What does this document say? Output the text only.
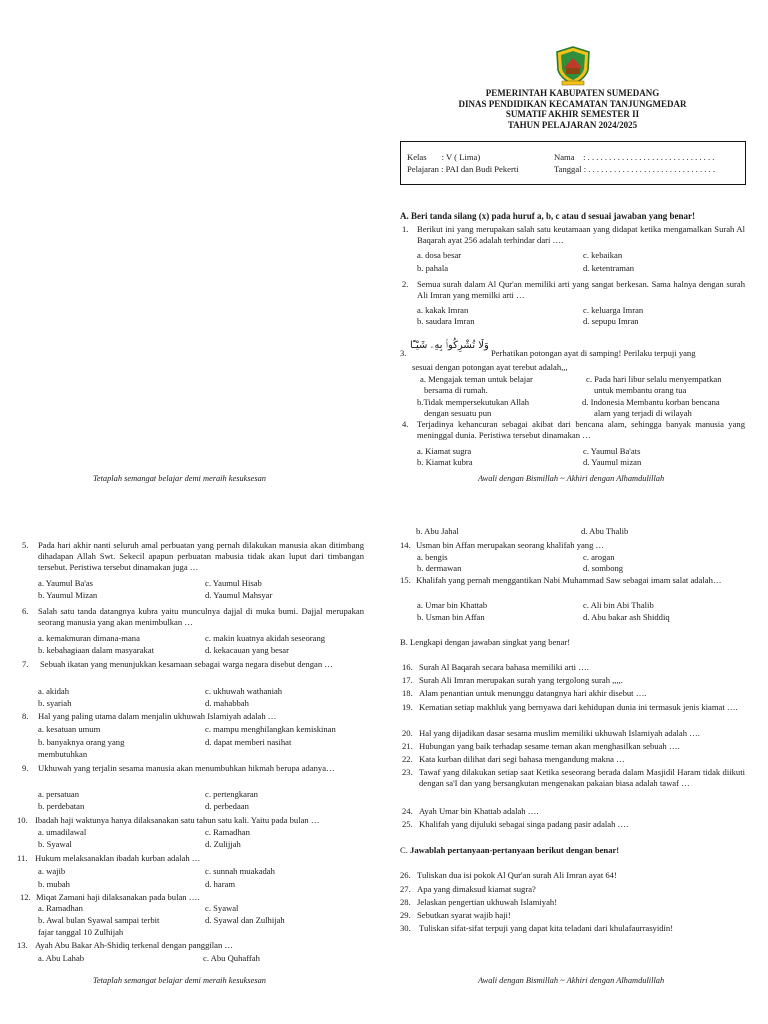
PEMERINTAH KABUPATEN SUMEDANG
DINAS PENDIDIKAN KECAMATAN TANJUNGMEDAR
SUMATIF AKHIR SEMESTER II
TAHUN PELAJARAN 2024/2025
Kelas       : V ( Lima)
Pelajaran : PAI dan Budi Pekerti
Nama    : . . . . . . . . . . . . . . . . . . . . . . . . . . . . . .
Tanggal : . . . . . . . . . . . . . . . . . . . . . . . . . . . . . .
A. Beri tanda silang (x) pada huruf a, b, c atau d sesuai jawaban yang benar!
1. Berikut ini yang merupakan salah satu keutamaan yang didapat ketika mengamalkan Surah Al Baqarah ayat 256 adalah terhindar dari ….
a. dosa besar
b. pahala
c. kebaikan
d. ketentraman
2. Semua surah dalam Al Qur'an memiliki arti yang sangat berkesan. Sama halnya dengan surah Ali Imran yang memilki arti …
a. kakak Imran
b. saudara Imran
c. keluarga Imran
d. sepupu Imran
3.
وَلَا تُشْرِكُوا۟ بِهِۦ شَيْـًٔا
Perhatikan potongan ayat di samping! Perilaku terpuji yang
sesuai dengan potongan ayat terebut adalah,,,
a. Mengajak teman untuk belajar
bersama di rumah.
b.Tidak mempersekutukan Allah
dengan sesuatu pun
c. Pada hari libur selalu menyempatkan
untuk membantu orang tua
d. Indonesia Membantu korban bencana
alam yang terjadi di wilayah
4. Terjadinya kehancuran sebagai akibat dari bencana alam, sehingga banyak manusia yang meninggal dunia. Peristiwa tersebut dinamakan …
a. Kiamat sugra
b. Kiamat kubra
c. Yaumul Ba'ats
d. Yaumul mizan
Tetaplah semangat belajar demi meraih kesuksesan	Awali dengan Bismillah ~ Akhiri dengan Alhamdulillah
5. Pada hari akhir nanti seluruh amal perbuatan yang pernah dilakukan manusia akan ditimbang dihadapan Allah Swt. Sekecil apapun perbuatan mabusia tidak akan luput dari timbangan tersebut. Peristiwa tersebut dinamakan juga …
a. Yaumul Ba'as
b. Yaumul Mizan
c. Yaumul Hisab
d. Yaumul Mahsyar
6. Salah satu tanda datangnya kubra yaitu munculnya dajjal di muka bumi. Dajjal merupakan seorang manusia yang akan menimbulkan …
a. kemakmuran dimana-mana
b. kebahagiaan dalam masyarakat
c. makin kuatnya akidah seseorang
d. kekacauan yang besar
7. Sebuah ikatan yang menunjukkan kesamaan sebagai warga negara disebut dengan …
a. akidah
b. syariah
c. ukhuwah wathaniah
d. mahabbah
8. Hal yang paling utama dalam menjalin ukhuwah Islamiyah adalah …
a. kesatuan umum
b. banyaknya orang yang
membutuhkan
c. mampu menghilangkan kemiskinan
d. dapat memberi nasihat
9. Ukhuwah yang terjalin sesama manusia akan menumbuhkan hikmah berupa adanya…
a. persatuan
b. perdebatan
c. pertengkaran
d. perbedaan
10. Ibadah haji waktunya hanya dilaksanakan satu tahun satu kali. Yaitu pada bulan …
a. umadilawal
b. Syawal
c. Ramadhan
d. Zulijjah
11. Hukum melaksanaklan ibadah kurban adalah …
a. wajib
b. mubah
c. sunnah muakadah
d. haram
12. Miqat Zamani haji dilaksanakan pada bulan ….
a. Ramadhan
b. Awal bulan Syawal sampai terbit
fajar tanggal 10 Zulhijah
c. Syawal
d. Syawal dan Zulhijah
13. Ayah Abu Bakar Ah-Shidiq terkenal dengan panggilan …
a. Abu Lahab	c. Abu Quhaffah
Tetaplah semangat belajar demi meraih kesuksesan
b. Abu Jahal	d. Abu Thalib
14. Usman bin Affan merupakan seorang khalifah yang …
a. bengis
b. dermawan
c. arogan
d. sombong
15. Khalifah yang pernah menggantikan Nabi Muhammad Saw sebagai imam salat adalah…
a. Umar bin Khattab
b. Usman bin Affan
c. Ali bin Abi Thalib
d. Abu bakar ash Shiddiq
B. Lengkapi dengan jawaban singkat yang benar!
16. Surah Al Baqarah secara bahasa memiliki arti ….
17. Surah Ali Imran merupakan surah yang tergolong surah ,,,,.
18. Alam penantian untuk menunggu datangnya hari akhir disebut ….
19. Kematian setiap makhluk yang bernyawa dari kehidupan dunia ini termasuk jenis kiamat ….
20. Hal yang dijadikan dasar sesama muslim memiliki ukhuwah Islamiyah adalah ….
21. Hubungan yang baik terhadap sesame teman akan menghasilkan sebuah ….
22. Kata kurban dilihat dari segi bahasa mengandung makna …
23. Tawaf yang dilakukan setiap saat Ketika seseorang berada dalam Masjidil Haram tidak diikuti dengan sa'I dan yang bersangkutan mengenakan pakaian biasa adalah tawaf …
24. Ayah Umar bin Khattab adalah ….
25. Khalifah yang dijuluki sebagai singa padang pasir adalah ….
C. Jawablah pertanyaan-pertanyaan berikut dengan benar!
26. Tuliskan dua isi pokok Al Qur'an surah Ali Imran ayat 64!
27. Apa yang dimaksud kiamat sugra?
28. Jelaskan pengertian ukhuwah Islamiyah!
29. Sebutkan syarat wajib haji!
30. Tuliskan sifat-sifat terpuji yang dapat kita teladani dari khulafaurrasyidin!
Awali dengan Bismillah ~ Akhiri dengan Alhamdulillah
